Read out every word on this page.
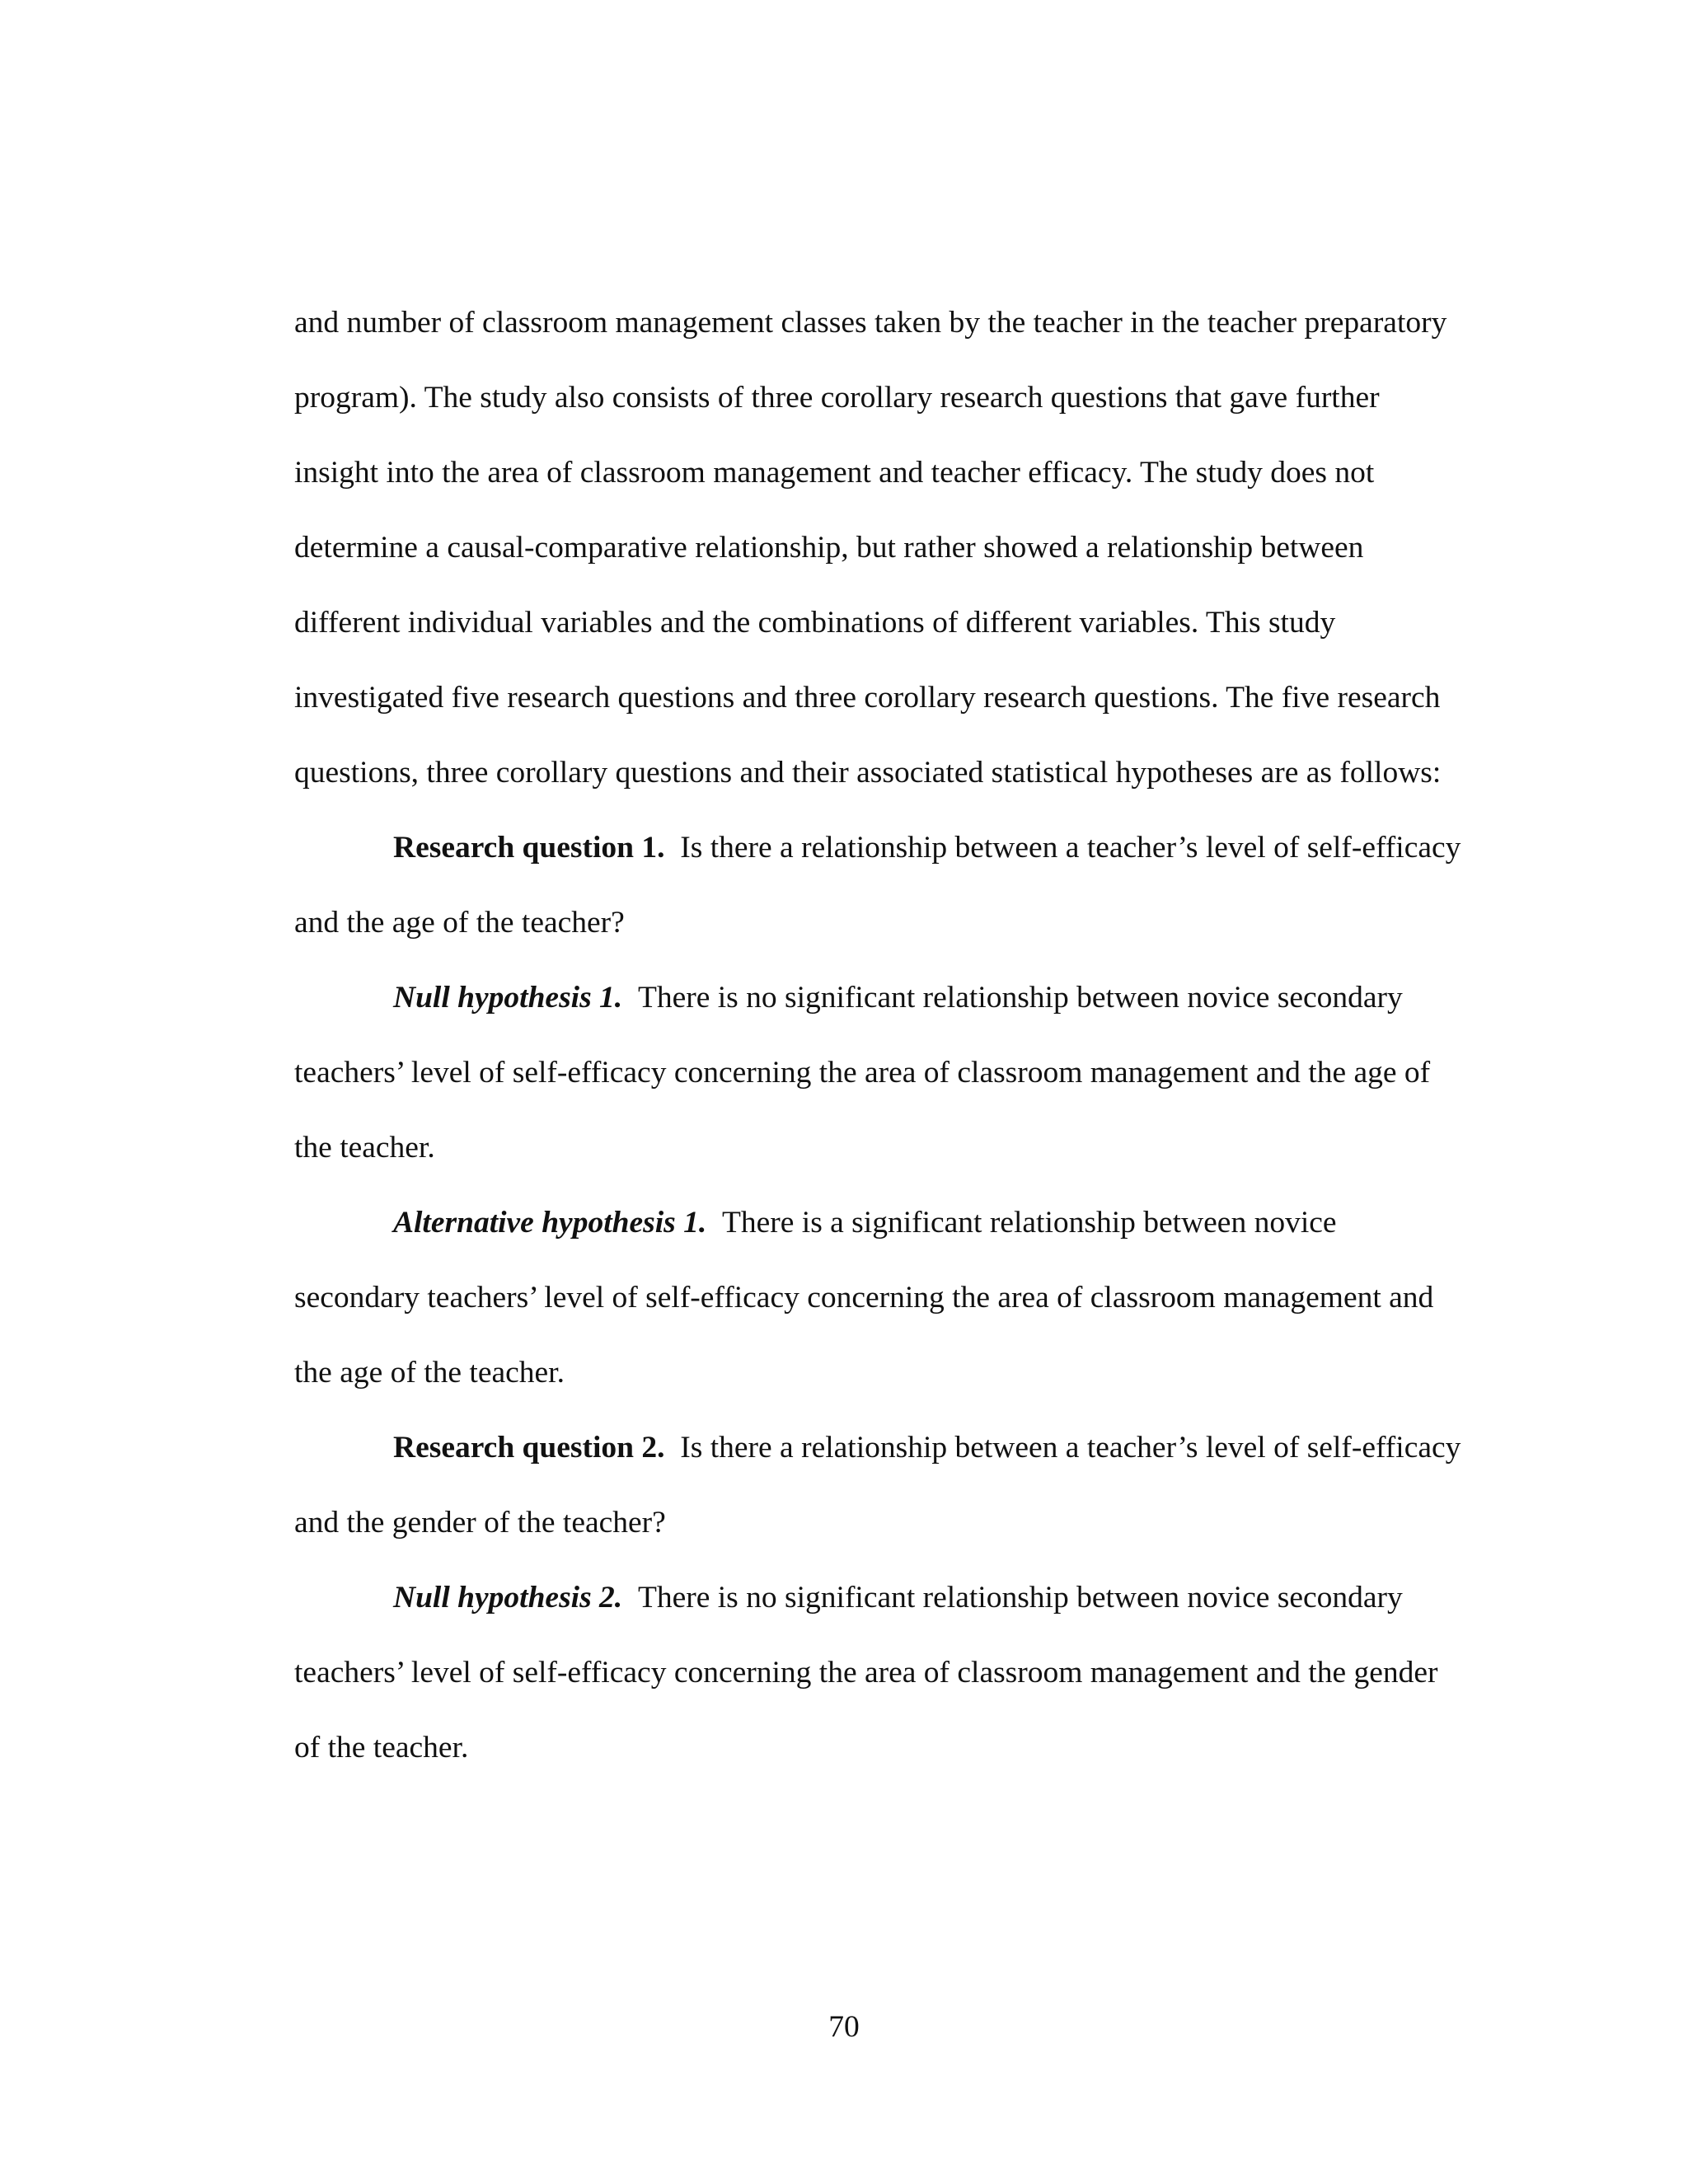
and number of classroom management classes taken by the teacher in the teacher preparatory program). The study also consists of three corollary research questions that gave further insight into the area of classroom management and teacher efficacy. The study does not determine a causal-comparative relationship, but rather showed a relationship between different individual variables and the combinations of different variables. This study investigated five research questions and three corollary research questions. The five research questions, three corollary questions and their associated statistical hypotheses are as follows:

Research question 1. Is there a relationship between a teacher’s level of self-efficacy and the age of the teacher?

Null hypothesis 1. There is no significant relationship between novice secondary teachers’ level of self-efficacy concerning the area of classroom management and the age of the teacher.

Alternative hypothesis 1. There is a significant relationship between novice secondary teachers’ level of self-efficacy concerning the area of classroom management and the age of the teacher.

Research question 2. Is there a relationship between a teacher’s level of self-efficacy and the gender of the teacher?

Null hypothesis 2. There is no significant relationship between novice secondary teachers’ level of self-efficacy concerning the area of classroom management and the gender of the teacher.

70
